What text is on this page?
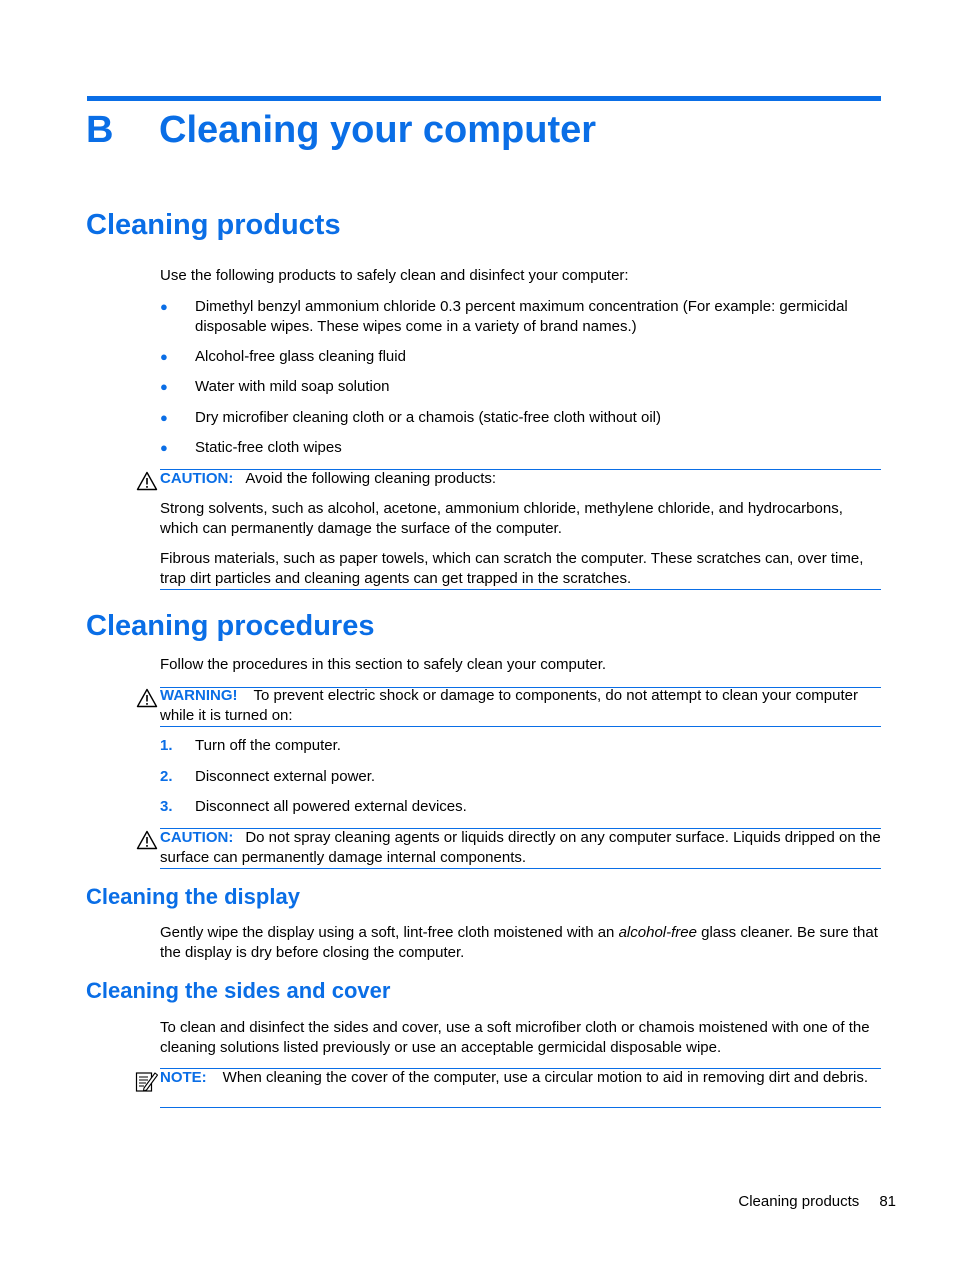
B Cleaning your computer
Cleaning products
Use the following products to safely clean and disinfect your computer:
● Dimethyl benzyl ammonium chloride 0.3 percent maximum concentration (For example: germicidal disposable wipes. These wipes come in a variety of brand names.)
● Alcohol-free glass cleaning fluid
● Water with mild soap solution
● Dry microfiber cleaning cloth or a chamois (static-free cloth without oil)
● Static-free cloth wipes
CAUTION: Avoid the following cleaning products:
Strong solvents, such as alcohol, acetone, ammonium chloride, methylene chloride, and hydrocarbons, which can permanently damage the surface of the computer.
Fibrous materials, such as paper towels, which can scratch the computer. These scratches can, over time, trap dirt particles and cleaning agents can get trapped in the scratches.
Cleaning procedures
Follow the procedures in this section to safely clean your computer.
WARNING! To prevent electric shock or damage to components, do not attempt to clean your computer while it is turned on:
1. Turn off the computer.
2. Disconnect external power.
3. Disconnect all powered external devices.
CAUTION: Do not spray cleaning agents or liquids directly on any computer surface. Liquids dripped on the surface can permanently damage internal components.
Cleaning the display
Gently wipe the display using a soft, lint-free cloth moistened with an alcohol-free glass cleaner. Be sure that the display is dry before closing the computer.
Cleaning the sides and cover
To clean and disinfect the sides and cover, use a soft microfiber cloth or chamois moistened with one of the cleaning solutions listed previously or use an acceptable germicidal disposable wipe.
NOTE: When cleaning the cover of the computer, use a circular motion to aid in removing dirt and debris.
Cleaning products 81
